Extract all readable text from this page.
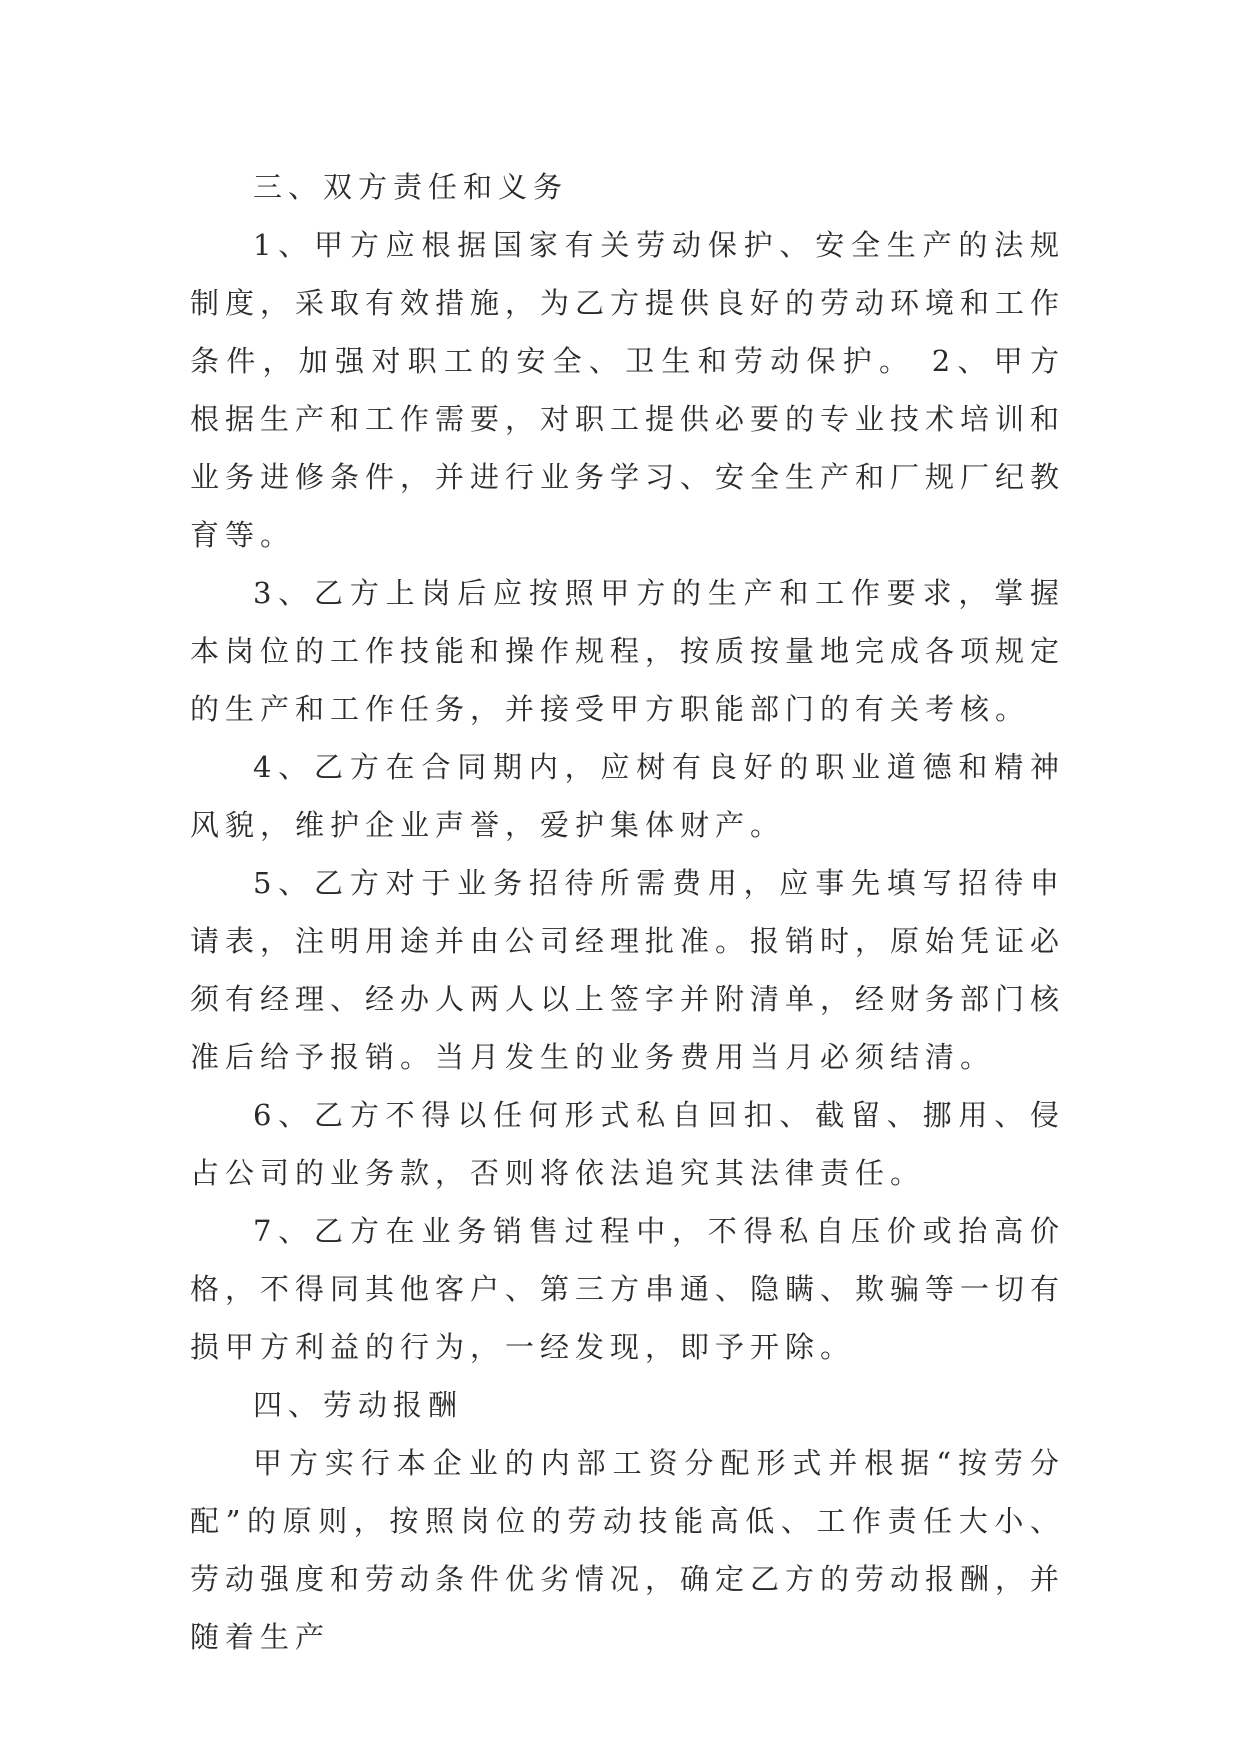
三、双方责任和义务

1、甲方应根据国家有关劳动保护、安全生产的法规制度，采取有效措施，为乙方提供良好的劳动环境和工作条件，加强对职工的安全、卫生和劳动保护。 2、甲方根据生产和工作需要，对职工提供必要的专业技术培训和业务进修条件，并进行业务学习、安全生产和厂规厂纪教育等。

3、乙方上岗后应按照甲方的生产和工作要求，掌握本岗位的工作技能和操作规程，按质按量地完成各项规定的生产和工作任务，并接受甲方职能部门的有关考核。

4、乙方在合同期内，应树有良好的职业道德和精神风貌，维护企业声誉，爱护集体财产。

5、乙方对于业务招待所需费用，应事先填写招待申请表，注明用途并由公司经理批准。报销时，原始凭证必须有经理、经办人两人以上签字并附清单，经财务部门核准后给予报销。当月发生的业务费用当月必须结清。

6、乙方不得以任何形式私自回扣、截留、挪用、侵占公司的业务款，否则将依法追究其法律责任。

7、乙方在业务销售过程中，不得私自压价或抬高价格，不得同其他客户、第三方串通、隐瞒、欺骗等一切有损甲方利益的行为，一经发现，即予开除。

四、劳动报酬

甲方实行本企业的内部工资分配形式并根据“按劳分配”的原则，按照岗位的劳动技能高低、工作责任大小、劳动强度和劳动条件优劣情况，确定乙方的劳动报酬，并随着生产
